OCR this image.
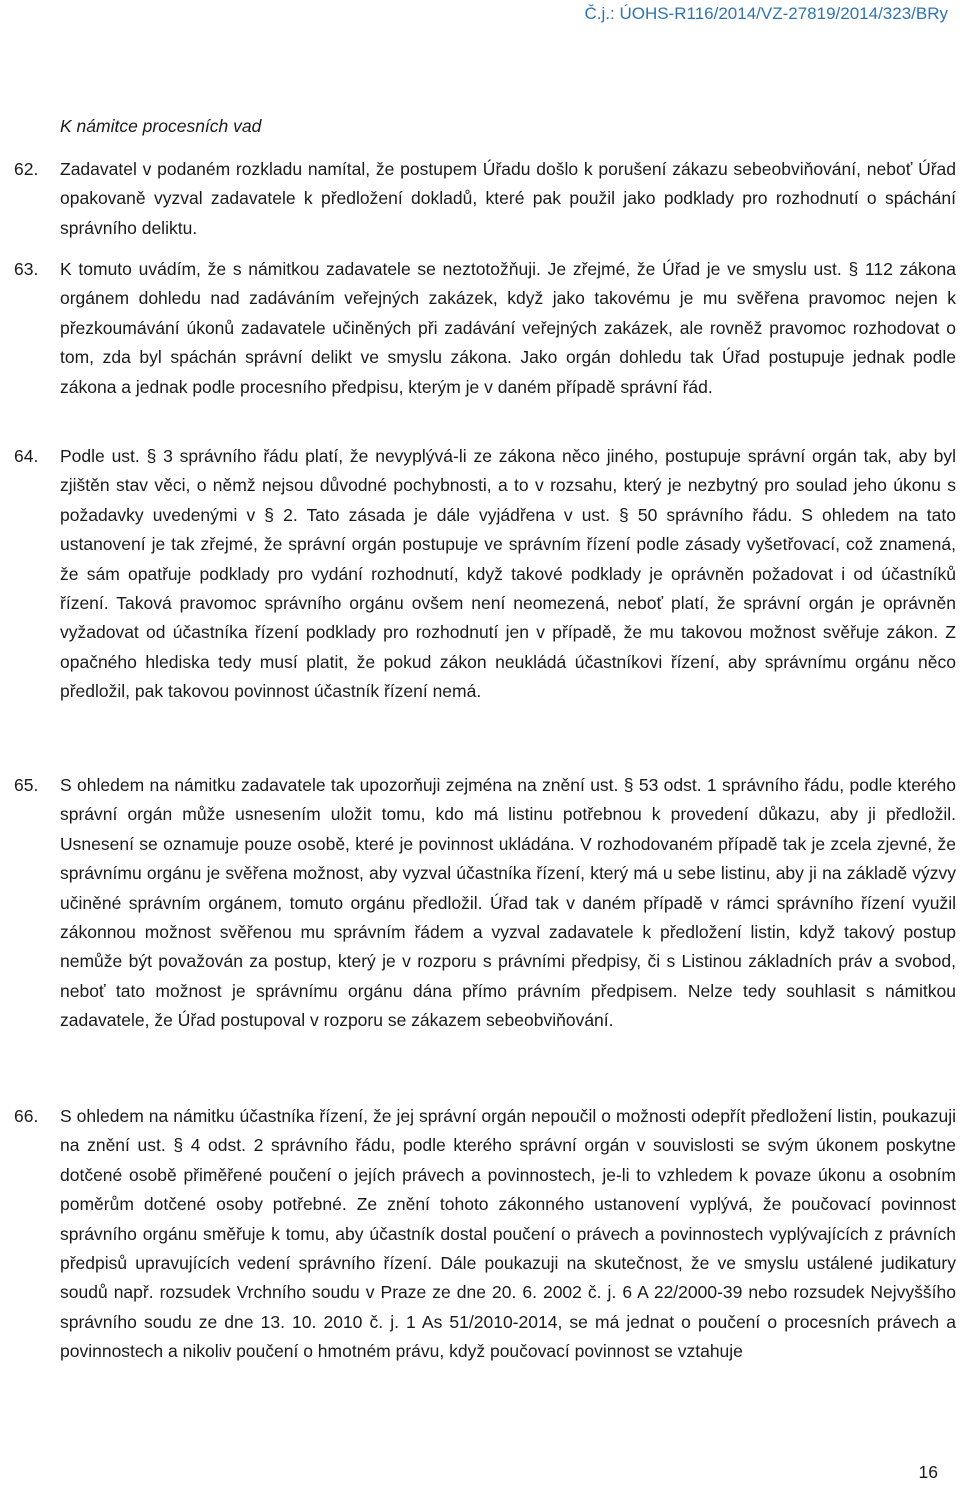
Č.j.: ÚOHS-R116/2014/VZ-27819/2014/323/BRy
K námitce procesních vad
62. Zadavatel v podaném rozkladu namítal, že postupem Úřadu došlo k porušení zákazu sebeobviňování, neboť Úřad opakovaně vyzval zadavatele k předložení dokladů, které pak použil jako podklady pro rozhodnutí o spáchání správního deliktu.
63. K tomuto uvádím, že s námitkou zadavatele se neztotožňuji. Je zřejmé, že Úřad je ve smyslu ust. § 112 zákona orgánem dohledu nad zadáváním veřejných zakázek, když jako takovému je mu svěřena pravomoc nejen k přezkoumávání úkonů zadavatele učiněných při zadávání veřejných zakázek, ale rovněž pravomoc rozhodovat o tom, zda byl spáchán správní delikt ve smyslu zákona. Jako orgán dohledu tak Úřad postupuje jednak podle zákona a jednak podle procesního předpisu, kterým je v daném případě správní řád.
64. Podle ust. § 3 správního řádu platí, že nevyplývá-li ze zákona něco jiného, postupuje správní orgán tak, aby byl zjištěn stav věci, o němž nejsou důvodné pochybnosti, a to v rozsahu, který je nezbytný pro soulad jeho úkonu s požadavky uvedenými v § 2. Tato zásada je dále vyjádřena v ust. § 50 správního řádu. S ohledem na tato ustanovení je tak zřejmé, že správní orgán postupuje ve správním řízení podle zásady vyšetřovací, což znamená, že sám opatřuje podklady pro vydání rozhodnutí, když takové podklady je oprávněn požadovat i od účastníků řízení. Taková pravomoc správního orgánu ovšem není neomezená, neboť platí, že správní orgán je oprávněn vyžadovat od účastníka řízení podklady pro rozhodnutí jen v případě, že mu takovou možnost svěřuje zákon. Z opačného hlediska tedy musí platit, že pokud zákon neukládá účastníkovi řízení, aby správnímu orgánu něco předložil, pak takovou povinnost účastník řízení nemá.
65. S ohledem na námitku zadavatele tak upozorňuji zejména na znění ust. § 53 odst. 1 správního řádu, podle kterého správní orgán může usnesením uložit tomu, kdo má listinu potřebnou k provedení důkazu, aby ji předložil. Usnesení se oznamuje pouze osobě, které je povinnost ukládána. V rozhodovaném případě tak je zcela zjevné, že správnímu orgánu je svěřena možnost, aby vyzval účastníka řízení, který má u sebe listinu, aby ji na základě výzvy učiněné správním orgánem, tomuto orgánu předložil. Úřad tak v daném případě v rámci správního řízení využil zákonnou možnost svěřenou mu správním řádem a vyzval zadavatele k předložení listin, když takový postup nemůže být považován za postup, který je v rozporu s právními předpisy, či s Listinou základních práv a svobod, neboť tato možnost je správnímu orgánu dána přímo právním předpisem. Nelze tedy souhlasit s námitkou zadavatele, že Úřad postupoval v rozporu se zákazem sebeobviňování.
66. S ohledem na námitku účastníka řízení, že jej správní orgán nepoučil o možnosti odepřít předložení listin, poukazuji na znění ust. § 4 odst. 2 správního řádu, podle kterého správní orgán v souvislosti se svým úkonem poskytne dotčené osobě přiměřené poučení o jejích právech a povinnostech, je-li to vzhledem k povaze úkonu a osobním poměrům dotčené osoby potřebné. Ze znění tohoto zákonného ustanovení vyplývá, že poučovací povinnost správního orgánu směřuje k tomu, aby účastník dostal poučení o právech a povinnostech vyplývajících z právních předpisů upravujících vedení správního řízení. Dále poukazuji na skutečnost, že ve smyslu ustálené judikatury soudů např. rozsudek Vrchního soudu v Praze ze dne 20. 6. 2002 č. j. 6 A 22/2000-39 nebo rozsudek Nejvyššího správního soudu ze dne 13. 10. 2010 č. j. 1 As 51/2010-2014, se má jednat o poučení o procesních právech a povinnostech a nikoliv poučení o hmotném právu, když poučovací povinnost se vztahuje
16
